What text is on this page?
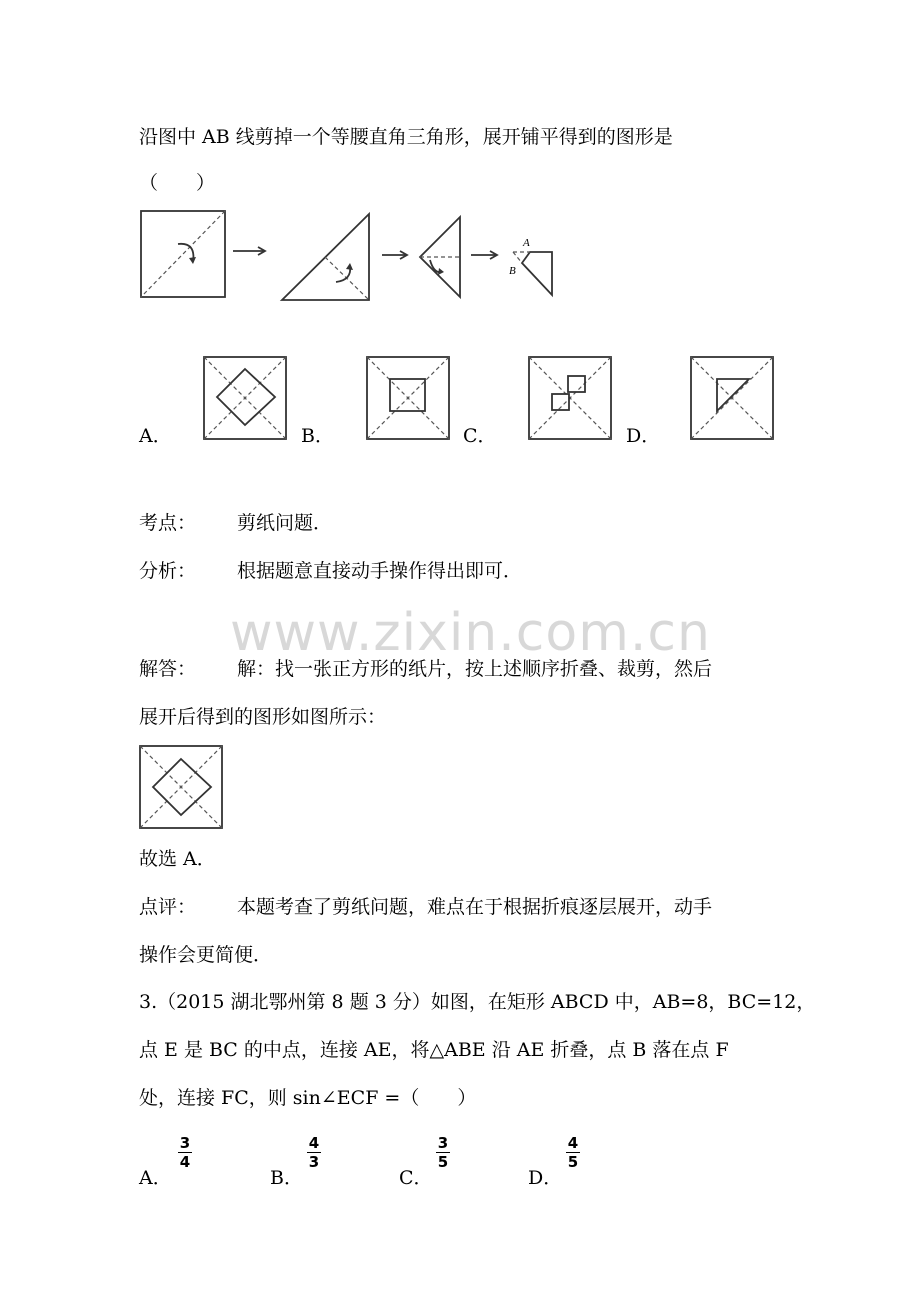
www.zixin.com.cn
沿图中 AB 线剪掉一个等腰直角三角形，展开铺平得到的图形是
（　　）
A
B
A．	B．	C．	D．
考点： 剪纸问题．
分析： 根据题意直接动手操作得出即可．
解答： 解：找一张正方形的纸片，按上述顺序折叠、裁剪，然后
展开后得到的图形如图所示：
故选 A．
点评： 本题考查了剪纸问题，难点在于根据折痕逐层展开，动手
操作会更简便．
3.（2015 湖北鄂州第 8 题 3 分）如图，在矩形 ABCD 中，AB=8，BC=12，
点 E 是 BC 的中点，连接 AE，将△ABE 沿 AE 折叠，点 B 落在点 F
处，连接 FC，则 sin∠ECF =（　　）
A．
3
4
B．
4
3
C．
3
5
D．
4
5
